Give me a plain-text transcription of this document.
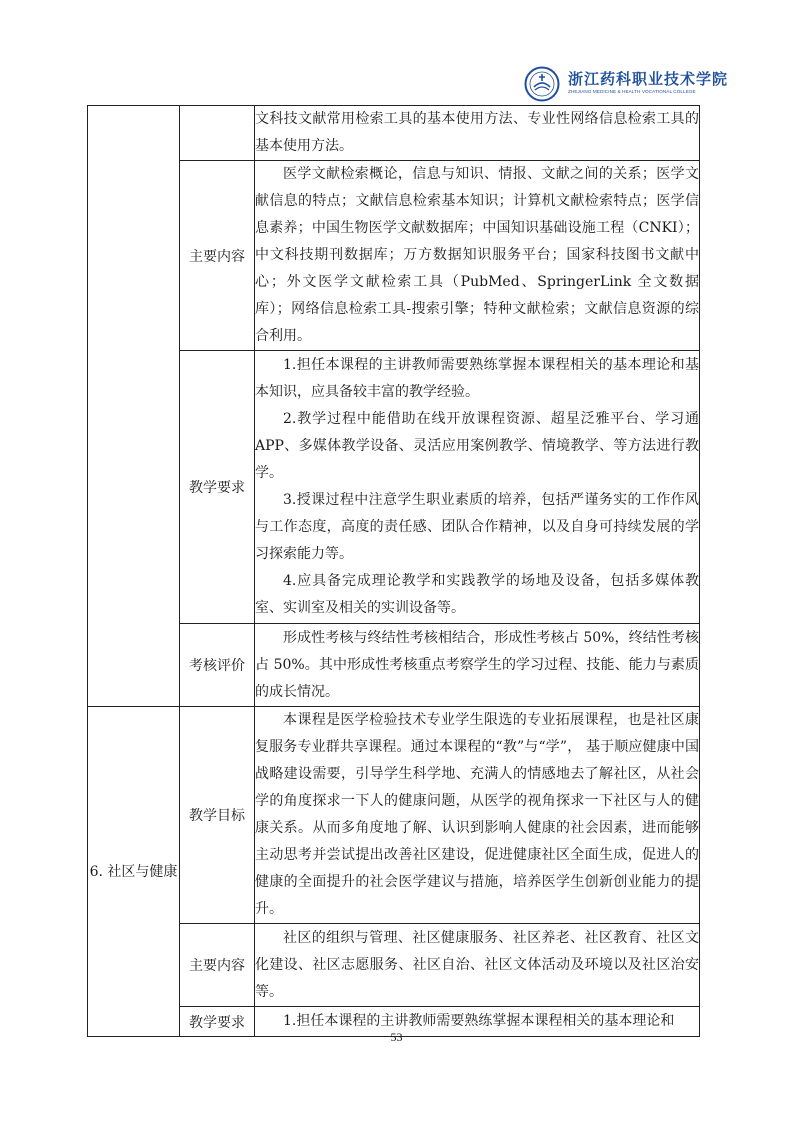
浙江药科职业技术学院
ZHEJIANG MEDICINE & HEALTH VOCATIONAL COLLEGE

		文科技文献常用检索工具的基本使用方法、专业性网络信息检索工具的基本使用方法。

	主要内容	医学文献检索概论，信息与知识、情报、文献之间的关系；医学文献信息的特点；文献信息检索基本知识；计算机文献检索特点；医学信息素养；中国生物医学文献数据库；中国知识基础设施工程（CNKI）；中文科技期刊数据库；万方数据知识服务平台；国家科技图书文献中心；外文医学文献检索工具（PubMed、SpringerLink 全文数据库）；网络信息检索工具-搜索引擎；特种文献检索；文献信息资源的综合利用。

	教学要求	1.担任本课程的主讲教师需要熟练掌握本课程相关的基本理论和基本知识，应具备较丰富的教学经验。

2.教学过程中能借助在线开放课程资源、超星泛雅平台、学习通APP、多媒体教学设备、灵活应用案例教学、情境教学、等方法进行教学。

3.授课过程中注意学生职业素质的培养，包括严谨务实的工作作风与工作态度，高度的责任感、团队合作精神，以及自身可持续发展的学习探索能力等。

4.应具备完成理论教学和实践教学的场地及设备，包括多媒体教室、实训室及相关的实训设备等。

	考核评价	形成性考核与终结性考核相结合，形成性考核占 50%，终结性考核占 50%。其中形成性考核重点考察学生的学习过程、技能、能力与素质的成长情况。

6. 社区与健康	教学目标	本课程是医学检验技术专业学生限选的专业拓展课程，也是社区康复服务专业群共享课程。通过本课程的“教”与“学”， 基于顺应健康中国战略建设需要，引导学生科学地、充满人的情感地去了解社区，从社会学的角度探求一下人的健康问题，从医学的视角探求一下社区与人的健康关系。从而多角度地了解、认识到影响人健康的社会因素，进而能够主动思考并尝试提出改善社区建设，促进健康社区全面生成，促进人的健康的全面提升的社会医学建议与措施，培养医学生创新创业能力的提升。

	主要内容	社区的组织与管理、社区健康服务、社区养老、社区教育、社区文化建设、社区志愿服务、社区自治、社区文体活动及环境以及社区治安等。

	教学要求	1.担任本课程的主讲教师需要熟练掌握本课程相关的基本理论和

53
